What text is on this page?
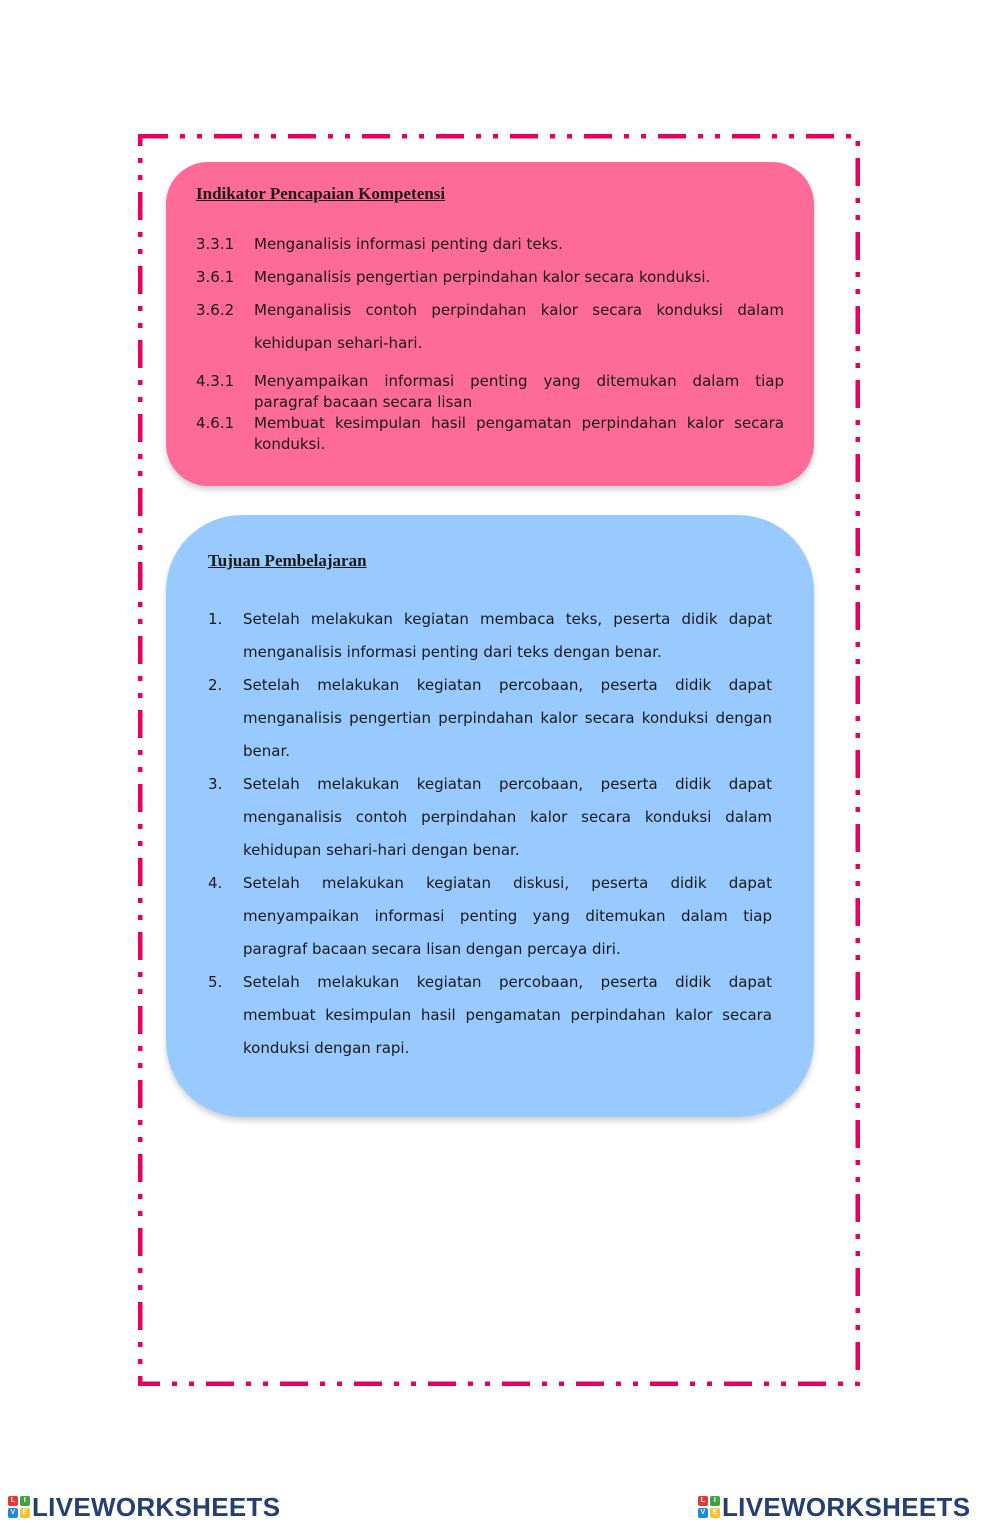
Indikator Pencapaian Kompetensi
3.3.1	Menganalisis informasi penting dari teks.
3.6.1	Menganalisis pengertian perpindahan kalor secara konduksi.
3.6.2	Menganalisis contoh perpindahan kalor secara konduksi dalam kehidupan sehari-hari.
4.3.1	Menyampaikan informasi penting yang ditemukan dalam tiap paragraf bacaan secara lisan
4.6.1	Membuat kesimpulan hasil pengamatan perpindahan kalor secara konduksi.
Tujuan Pembelajaran
1.	Setelah melakukan kegiatan membaca teks, peserta didik dapat menganalisis informasi penting dari teks dengan benar.
2.	Setelah melakukan kegiatan percobaan, peserta didik dapat menganalisis pengertian perpindahan kalor secara konduksi dengan benar.
3.	Setelah melakukan kegiatan percobaan, peserta didik dapat menganalisis contoh perpindahan kalor secara konduksi dalam kehidupan sehari-hari dengan benar.
4.	Setelah melakukan kegiatan diskusi, peserta didik dapat menyampaikan informasi penting yang ditemukan dalam tiap paragraf bacaan secara lisan dengan percaya diri.
5.	Setelah melakukan kegiatan percobaan, peserta didik dapat membuat kesimpulan hasil pengamatan perpindahan kalor secara konduksi dengan rapi.
L	I
V	E LIVEWORKSHEETS	L	I
V	E LIVEWORKSHEETS
